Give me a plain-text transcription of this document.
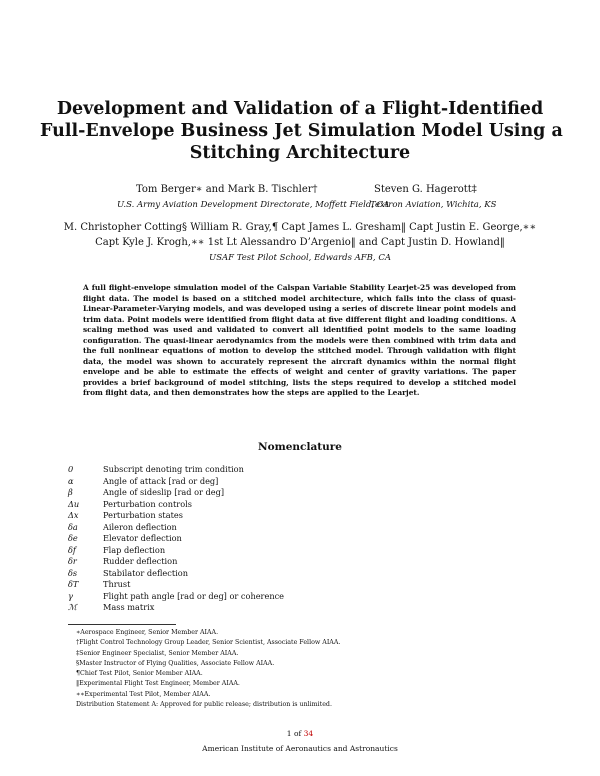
Development and Validation of a Flight-Identified
Full-Envelope Business Jet Simulation Model Using a
Stitching Architecture
Tom Berger∗ and Mark B. Tischler†
U.S. Army Aviation Development Directorate, Moffett Field, CA
Steven G. Hagerott‡
Textron Aviation, Wichita, KS
M. Christopher Cotting§ William R. Gray,¶ Capt James L. Gresham‖ Capt Justin E. George,∗∗
Capt Kyle J. Krogh,∗∗ 1st Lt Alessandro D’Argenio‖ and Capt Justin D. Howland‖
USAF Test Pilot School, Edwards AFB, CA
A full flight-envelope simulation model of the Calspan Variable Stability Learjet-25 was developed from flight data. The model is based on a stitched model architecture, which falls into the class of quasi-Linear-Parameter-Varying models, and was developed using a series of discrete linear point models and trim data. Point models were identified from flight data at five different flight and loading conditions. A scaling method was used and validated to convert all identified point models to the same loading configuration. The quasi-linear aerodynamics from the models were then combined with trim data and the full nonlinear equations of motion to develop the stitched model. Through validation with flight data, the model was shown to accurately represent the aircraft dynamics within the normal flight envelope and be able to estimate the effects of weight and center of gravity variations. The paper provides a brief background of model stitching, lists the steps required to develop a stitched model from flight data, and then demonstrates how the steps are applied to the Learjet.
Nomenclature
0	Subscript denoting trim condition
α	Angle of attack [rad or deg]
β	Angle of sideslip [rad or deg]
Δu	Perturbation controls
Δx	Perturbation states
δa	Aileron deflection
δe	Elevator deflection
δf	Flap deflection
δr	Rudder deflection
δs	Stabilator deflection
δT	Thrust
γ	Flight path angle [rad or deg] or coherence
ℳ	Mass matrix
∗Aerospace Engineer, Senior Member AIAA.
†Flight Control Technology Group Leader, Senior Scientist, Associate Fellow AIAA.
‡Senior Engineer Specialist, Senior Member AIAA.
§Master Instructor of Flying Qualities, Associate Fellow AIAA.
¶Chief Test Pilot, Senior Member AIAA.
‖Experimental Flight Test Engineer, Member AIAA.
∗∗Experimental Test Pilot, Member AIAA.
Distribution Statement A: Approved for public release; distribution is unlimited.
1 of 34
American Institute of Aeronautics and Astronautics
